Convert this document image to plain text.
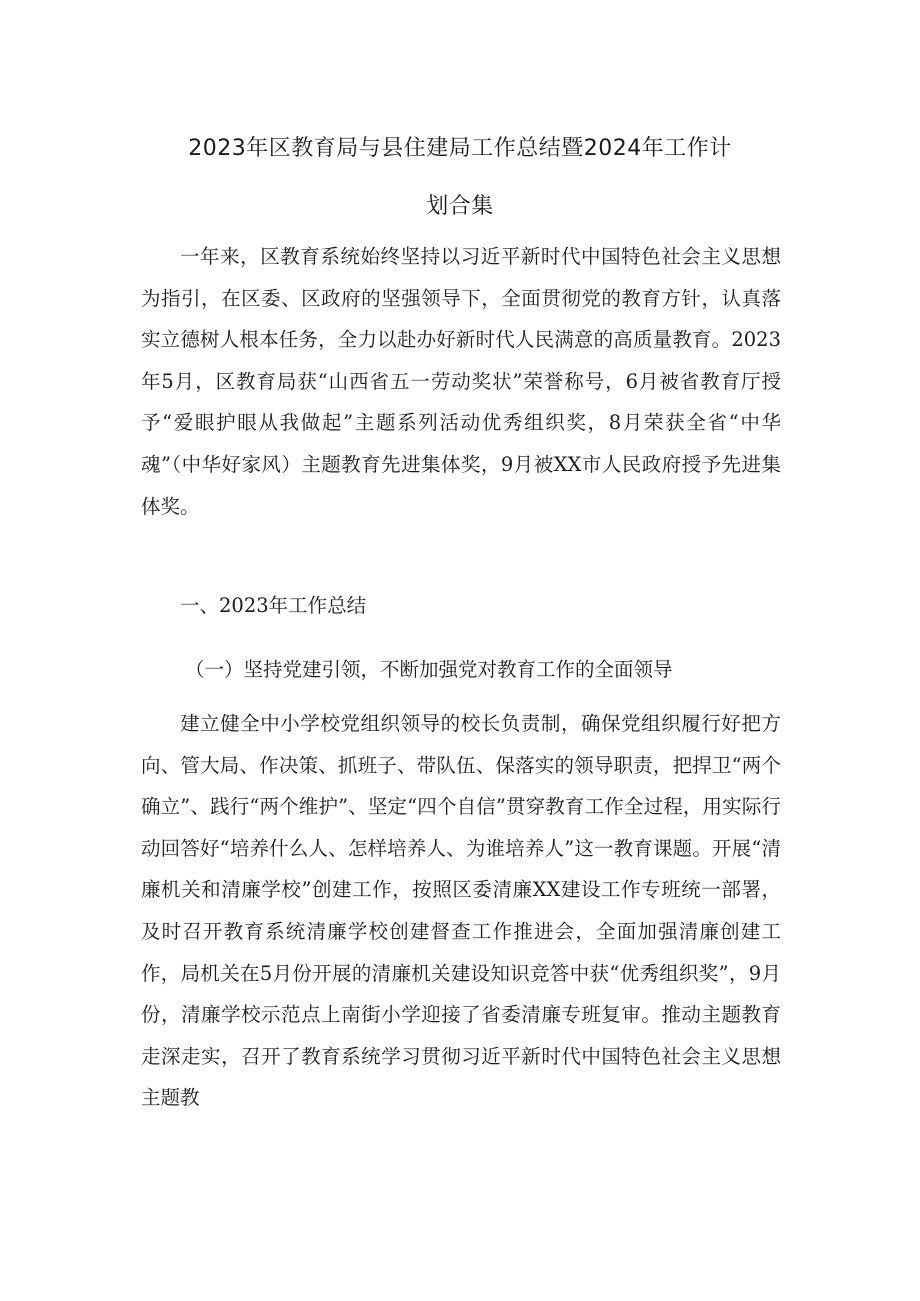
2023年区教育局与县住建局工作总结暨2024年工作计
划合集

一年来，区教育系统始终坚持以习近平新时代中国特色社会主义思想为指引，在区委、区政府的坚强领导下，全面贯彻党的教育方针，认真落实立德树人根本任务，全力以赴办好新时代人民满意的高质量教育。2023年5月，区教育局获“山西省五一劳动奖状”荣誉称号，6月被省教育厅授予“爱眼护眼从我做起”主题系列活动优秀组织奖，8月荣获全省“中华魂”（中华好家风）主题教育先进集体奖，9月被XX市人民政府授予先进集体奖。

一、2023年工作总结
（一）坚持党建引领，不断加强党对教育工作的全面领导

建立健全中小学校党组织领导的校长负责制，确保党组织履行好把方向、管大局、作决策、抓班子、带队伍、保落实的领导职责，把捍卫“两个确立”、践行“两个维护”、坚定“四个自信”贯穿教育工作全过程，用实际行动回答好“培养什么人、怎样培养人、为谁培养人”这一教育课题。开展“清廉机关和清廉学校”创建工作，按照区委清廉XX建设工作专班统一部署，及时召开教育系统清廉学校创建督查工作推进会，全面加强清廉创建工作，局机关在5月份开展的清廉机关建设知识竞答中获“优秀组织奖”，9月份，清廉学校示范点上南街小学迎接了省委清廉专班复审。推动主题教育走深走实，召开了教育系统学习贯彻习近平新时代中国特色社会主义思想主题教
